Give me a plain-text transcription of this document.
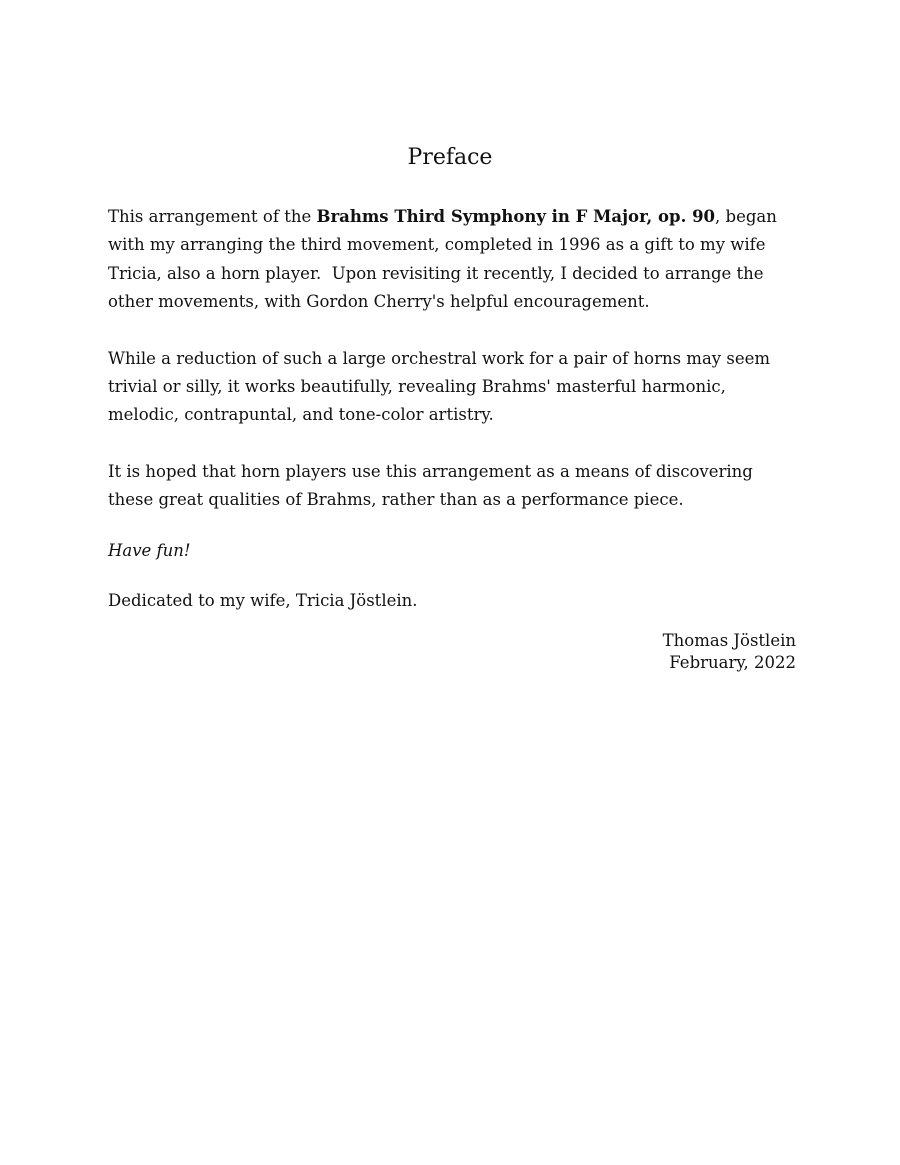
Preface

This arrangement of the Brahms Third Symphony in F Major, op. 90, began with my arranging the third movement, completed in 1996 as a gift to my wife Tricia, also a horn player.  Upon revisiting it recently, I decided to arrange the other movements, with Gordon Cherry's helpful encouragement.

While a reduction of such a large orchestral work for a pair of horns may seem trivial or silly, it works beautifully, revealing Brahms' masterful harmonic, melodic, contrapuntal, and tone-color artistry.

It is hoped that horn players use this arrangement as a means of discovering these great qualities of Brahms, rather than as a performance piece.

Have fun!

Dedicated to my wife, Tricia Jöstlein.

Thomas Jöstlein
February, 2022
